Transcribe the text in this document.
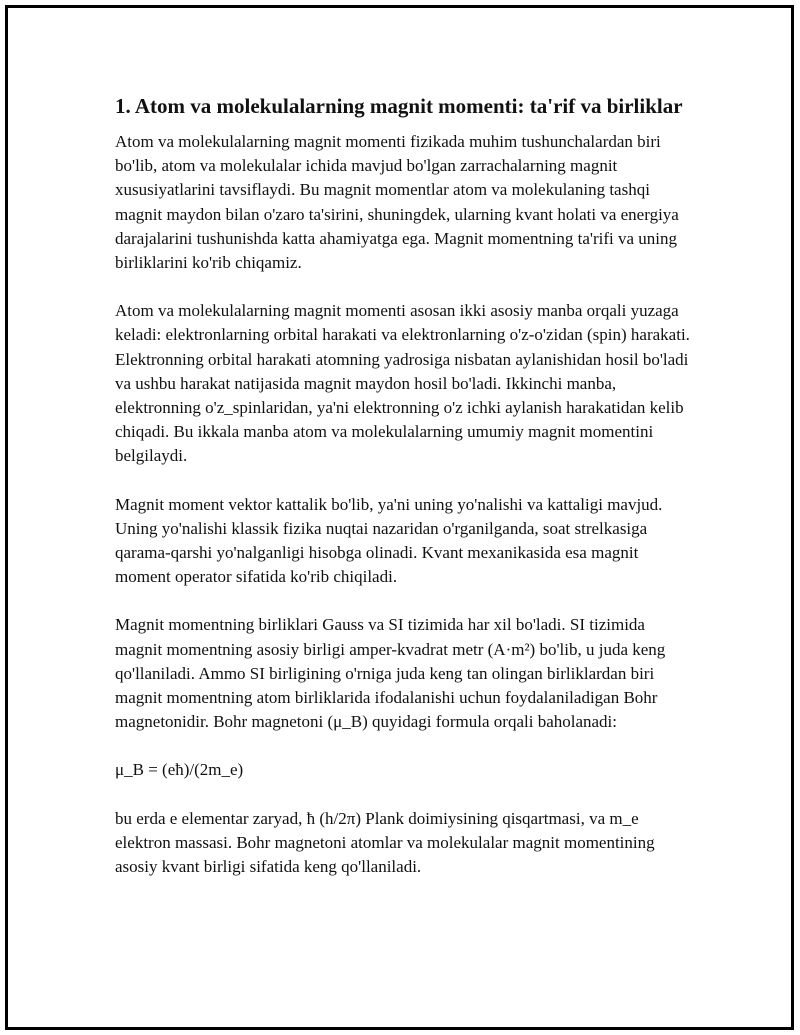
1. Atom va molekulalarning magnit momenti: ta'rif va birliklar

Atom va molekulalarning magnit momenti fizikada muhim tushunchalardan biri bo'lib, atom va molekulalar ichida mavjud bo'lgan zarrachalarning magnit xususiyatlarini tavsiflaydi. Bu magnit momentlar atom va molekulaning tashqi magnit maydon bilan o'zaro ta'sirini, shuningdek, ularning kvant holati va energiya darajalarini tushunishda katta ahamiyatga ega. Magnit momentning ta'rifi va uning birliklarini ko'rib chiqamiz.

Atom va molekulalarning magnit momenti asosan ikki asosiy manba orqali yuzaga keladi: elektronlarning orbital harakati va elektronlarning o'z-o'zidan (spin) harakati. Elektronning orbital harakati atomning yadrosiga nisbatan aylanishidan hosil bo'ladi va ushbu harakat natijasida magnit maydon hosil bo'ladi. Ikkinchi manba, elektronning o'z_spinlaridan, ya'ni elektronning o'z ichki aylanish harakatidan kelib chiqadi. Bu ikkala manba atom va molekulalarning umumiy magnit momentini belgilaydi.

Magnit moment vektor kattalik bo'lib, ya'ni uning yo'nalishi va kattaligi mavjud. Uning yo'nalishi klassik fizika nuqtai nazaridan o'rganilganda, soat strelkasiga qarama-qarshi yo'nalganligi hisobga olinadi. Kvant mexanikasida esa magnit moment operator sifatida ko'rib chiqiladi.

Magnit momentning birliklari Gauss va SI tizimida har xil bo'ladi. SI tizimida magnit momentning asosiy birligi amper-kvadrat metr (A·m²) bo'lib, u juda keng qo'llaniladi. Ammo SI birligining o'rniga juda keng tan olingan birliklardan biri magnit momentning atom birliklarida ifodalanishi uchun foydalaniladigan Bohr magnetonidir. Bohr magnetoni (μ_B) quyidagi formula orqali baholanadi:

μ_B = (eħ)/(2m_e)

bu erda e elementar zaryad, ħ (h/2π) Plank doimiysining qisqartmasi, va m_e elektron massasi. Bohr magnetoni atomlar va molekulalar magnit momentining asosiy kvant birligi sifatida keng qo'llaniladi.
